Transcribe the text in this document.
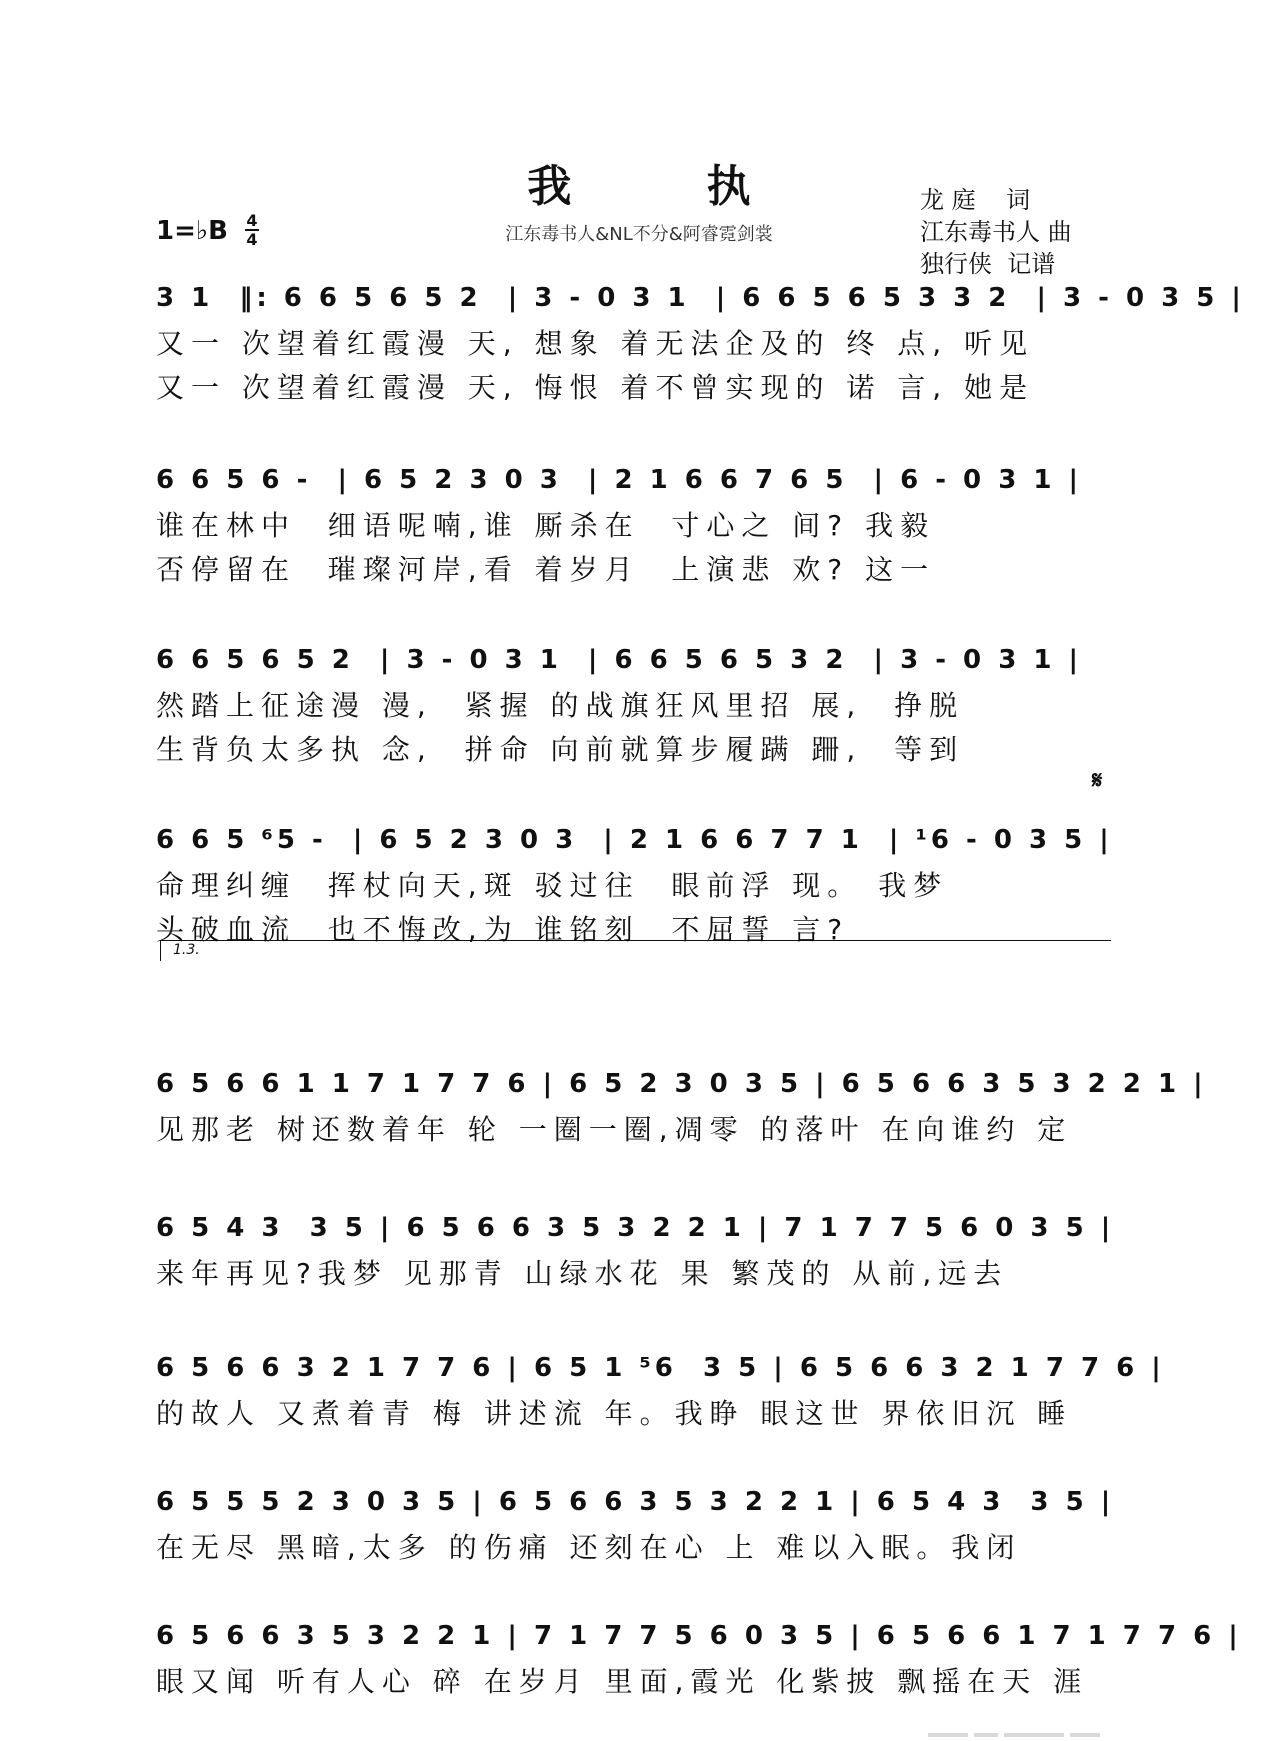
我 执
江东毒书人&NL不分&阿睿霓剑裳
1=♭B 4
4
龙 庭    词
江东毒书人 曲
独行侠  记谱
3 1  ‖: 6 6 5 6 5 2  | 3 - 0 3 1  | 6 6 5 6 5 3 3 2  | 3 - 0 3 5 |
又一 次望着红霞漫 天, 想象 着无法企及的 终 点, 听见
又一 次望着红霞漫 天, 悔恨 着不曾实现的 诺 言, 她是
6 6 5 6 -  | 6 5 2 3 0 3  | 2 1 6 6 7 6 5  | 6 - 0 3 1 |
谁在林中  细语呢喃,谁 厮杀在  寸心之 间? 我毅
否停留在  璀璨河岸,看 着岁月  上演悲 欢? 这一
6 6 5 6 5 2  | 3 - 0 3 1  | 6 6 5 6 5 3 2  | 3 - 0 3 1 |
然踏上征途漫 漫,  紧握 的战旗狂风里招 展,  挣脱
生背负太多执 念,  拼命 向前就算步履蹒 跚,  等到
𝄋
6 6 5 ⁶5 -  | 6 5 2 3 0 3  | 2 1 6 6 7 7 1  | ¹6 - 0 3 5 |
命理纠缠  挥杖向天,斑 驳过往  眼前浮 现。 我梦
头破血流  也不悔改,为 谁铭刻  不屈誓 言?
1.3.
6 5 6 6 1 1 7 1 7 7 6 | 6 5 2 3 0 3 5 | 6 5 6 6 3 5 3 2 2 1 |
见那老 树还数着年 轮 一圈一圈,凋零 的落叶 在向谁约 定
6 5 4 3  3 5 | 6 5 6 6 3 5 3 2 2 1 | 7 1 7 7 5 6 0 3 5 |
来年再见?我梦 见那青 山绿水花 果 繁茂的 从前,远去
6 5 6 6 3 2 1 7 7 6 | 6 5 1 ⁵6  3 5 | 6 5 6 6 3 2 1 7 7 6 |
的故人 又煮着青 梅 讲述流 年。我睁 眼这世 界依旧沉 睡
6 5 5 5 2 3 0 3 5 | 6 5 6 6 3 5 3 2 2 1 | 6 5 4 3  3 5 |
在无尽 黑暗,太多 的伤痛 还刻在心 上 难以入眠。我闭
6 5 6 6 3 5 3 2 2 1 | 7 1 7 7 5 6 0 3 5 | 6 5 6 6 1 7 1 7 7 6 |
眼又闻 听有人心 碎 在岁月 里面,霞光 化紫披 飘摇在天 涯
